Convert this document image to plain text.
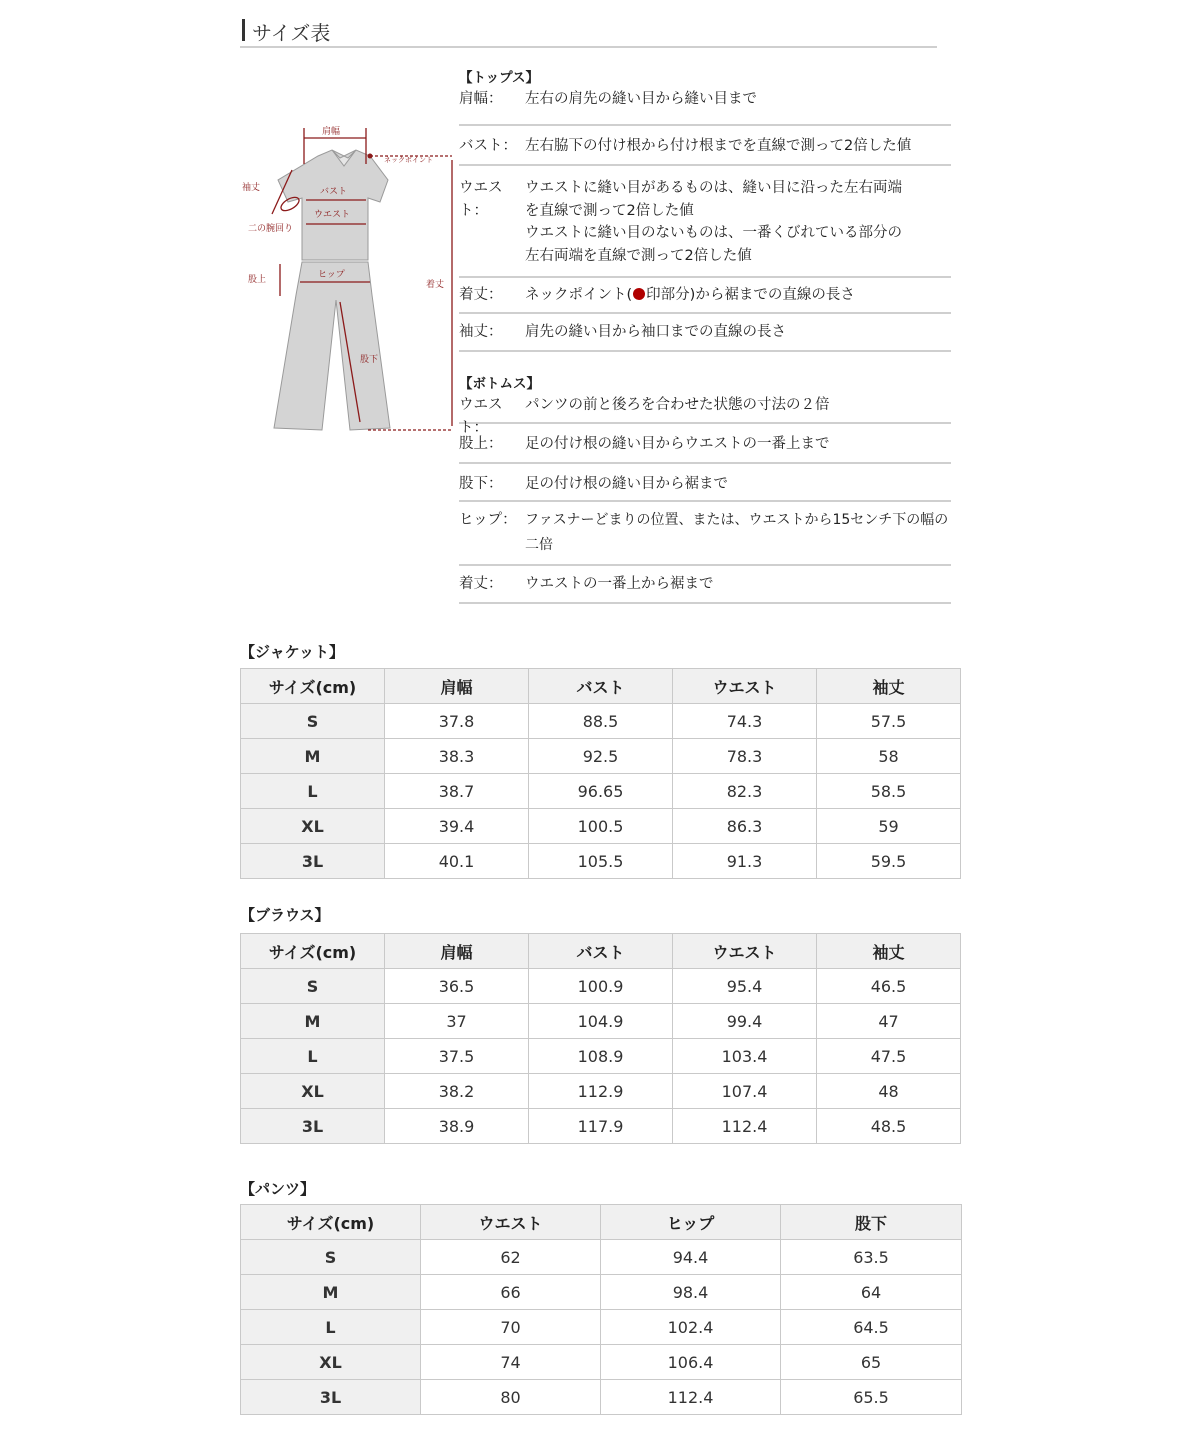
サイズ表
肩幅
ネックポイント
袖丈	バスト
ウエスト
二の腕回り
股上	ヒップ
着丈
股下
【トップス】
肩幅：	左右の肩先の縫い目から縫い目まで
バスト： 左右脇下の付け根から付け根までを直線で測って2倍した値
ウエスト：
ウエストに縫い目があるものは、縫い目に沿った左右両端
を直線で測って2倍した値
ウエストに縫い目のないものは、一番くびれている部分の
左右両端を直線で測って2倍した値
着丈：	ネックポイント( 印部分)から裾までの直線の長さ
袖丈：	肩先の縫い目から袖口までの直線の長さ
【ボトムス】
ウエスト：
パンツの前と後ろを合わせた状態の寸法の２倍
股上：	足の付け根の縫い目からウエストの一番上まで
股下：	足の付け根の縫い目から裾まで
ヒップ： ファスナーどまりの位置、または、ウエストから15センチ下の幅の
二倍
着丈：	ウエストの一番上から裾まで
【ジャケット】
サイズ(cm)	肩幅	バスト	ウエスト	袖丈
S	37.8	88.5	74.3	57.5
M	38.3	92.5	78.3	58
L	38.7	96.65	82.3	58.5
XL	39.4	100.5	86.3	59
3L	40.1	105.5	91.3	59.5
【ブラウス】
サイズ(cm)	肩幅	バスト	ウエスト	袖丈
S	36.5	100.9	95.4	46.5
M	37	104.9	99.4	47
L	37.5	108.9	103.4	47.5
XL	38.2	112.9	107.4	48
3L	38.9	117.9	112.4	48.5
【パンツ】
サイズ(cm)	ウエスト	ヒップ	股下
S	62	94.4	63.5
M	66	98.4	64
L	70	102.4	64.5
XL	74	106.4	65
3L	80	112.4	65.5
